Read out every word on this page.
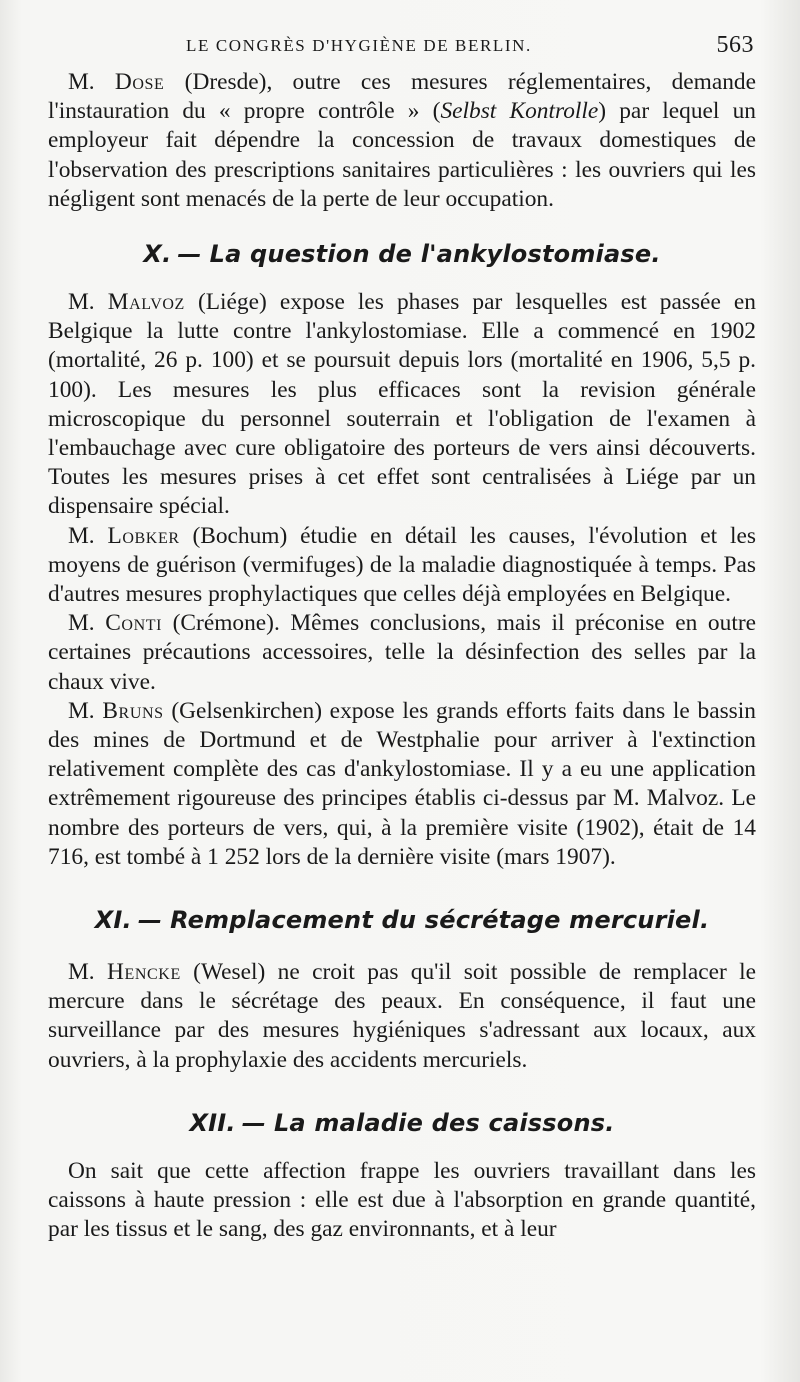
LE CONGRÈS D'HYGIÈNE DE BERLIN.	563

M. Dose (Dresde), outre ces mesures réglementaires, demande l'instauration du « propre contrôle » (Selbst Kontrolle) par lequel un employeur fait dépendre la concession de travaux domestiques de l'observation des prescriptions sanitaires particulières : les ouvriers qui les négligent sont menacés de la perte de leur occupation.

X. — La question de l'ankylostomiase.

M. Malvoz (Liége) expose les phases par lesquelles est passée en Belgique la lutte contre l'ankylostomiase. Elle a commencé en 1902 (mortalité, 26 p. 100) et se poursuit depuis lors (mortalité en 1906, 5,5 p. 100). Les mesures les plus efficaces sont la revision générale microscopique du personnel souterrain et l'obligation de l'examen à l'embauchage avec cure obligatoire des porteurs de vers ainsi découverts. Toutes les mesures prises à cet effet sont centralisées à Liége par un dispensaire spécial.

M. Lobker (Bochum) étudie en détail les causes, l'évolution et les moyens de guérison (vermifuges) de la maladie diagnostiquée à temps. Pas d'autres mesures prophylactiques que celles déjà employées en Belgique.

M. Conti (Crémone). Mêmes conclusions, mais il préconise en outre certaines précautions accessoires, telle la désinfection des selles par la chaux vive.

M. Bruns (Gelsenkirchen) expose les grands efforts faits dans le bassin des mines de Dortmund et de Westphalie pour arriver à l'extinction relativement complète des cas d'ankylostomiase. Il y a eu une application extrêmement rigoureuse des principes établis ci-dessus par M. Malvoz. Le nombre des porteurs de vers, qui, à la première visite (1902), était de 14 716, est tombé à 1 252 lors de la dernière visite (mars 1907).

XI. — Remplacement du sécrétage mercuriel.

M. Hencke (Wesel) ne croit pas qu'il soit possible de remplacer le mercure dans le sécrétage des peaux. En conséquence, il faut une surveillance par des mesures hygiéniques s'adressant aux locaux, aux ouvriers, à la prophylaxie des accidents mercuriels.

XII. — La maladie des caissons.

On sait que cette affection frappe les ouvriers travaillant dans les caissons à haute pression : elle est due à l'absorption en grande quantité, par les tissus et le sang, des gaz environnants, et à leur
